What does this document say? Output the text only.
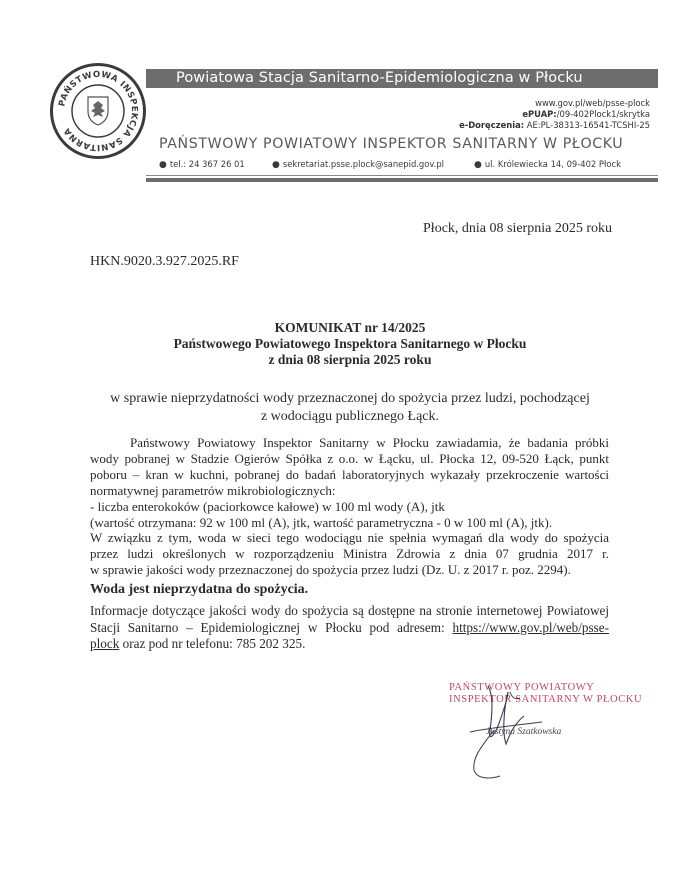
PAŃSTWOWA INSPEKCJA SANITARNA
Powiatowa Stacja Sanitarno-Epidemiologiczna w Płocku
www.gov.pl/web/psse-plock
ePUAP:/09-402Plock1/skrytka
e-Doręczenia: AE:PL-38313-16541-TCSHI-25
PAŃSTWOWY POWIATOWY INSPEKTOR SANITARNY W PŁOCKU
● tel.: 24 367 26 01	● sekretariat.psse.plock@sanepid.gov.pl	● ul. Królewiecka 14, 09-402 Płock
Płock, dnia 08 sierpnia 2025 roku
HKN.9020.3.927.2025.RF
KOMUNIKAT nr 14/2025
Państwowego Powiatowego Inspektora Sanitarnego w Płocku
z dnia 08 sierpnia 2025 roku
w sprawie nieprzydatności wody przeznaczonej do spożycia przez ludzi, pochodzącej
z wodociągu publicznego Łąck.
Państwowy Powiatowy Inspektor Sanitarny w Płocku zawiadamia, że badania próbki
wody pobranej w Stadzie Ogierów Spółka z o.o. w Łącku, ul. Płocka 12, 09-520 Łąck, punkt
poboru – kran w kuchni, pobranej do badań laboratoryjnych wykazały przekroczenie wartości
normatywnej parametrów mikrobiologicznych:
- liczba enterokoków (paciorkowce kałowe) w 100 ml wody (A), jtk
(wartość otrzymana: 92 w 100 ml (A), jtk, wartość parametryczna - 0 w 100 ml (A), jtk).
W związku z tym, woda w sieci tego wodociągu nie spełnia wymagań dla wody do spożycia
przez ludzi określonych w rozporządzeniu Ministra Zdrowia z dnia 07 grudnia 2017 r.
w sprawie jakości wody przeznaczonej do spożycia przez ludzi (Dz. U. z 2017 r. poz. 2294).
Woda jest nieprzydatna do spożycia.
Informacje dotyczące jakości wody do spożycia są dostępne na stronie internetowej Powiatowej
Stacji Sanitarno – Epidemiologicznej w Płocku pod adresem: https://www.gov.pl/web/psse-
plock oraz pod nr telefonu: 785 202 325.
PAŃSTWOWY POWIATOWY
INSPEKTOR SANITARNY W PŁOCKU
Justyna Szatkowska
